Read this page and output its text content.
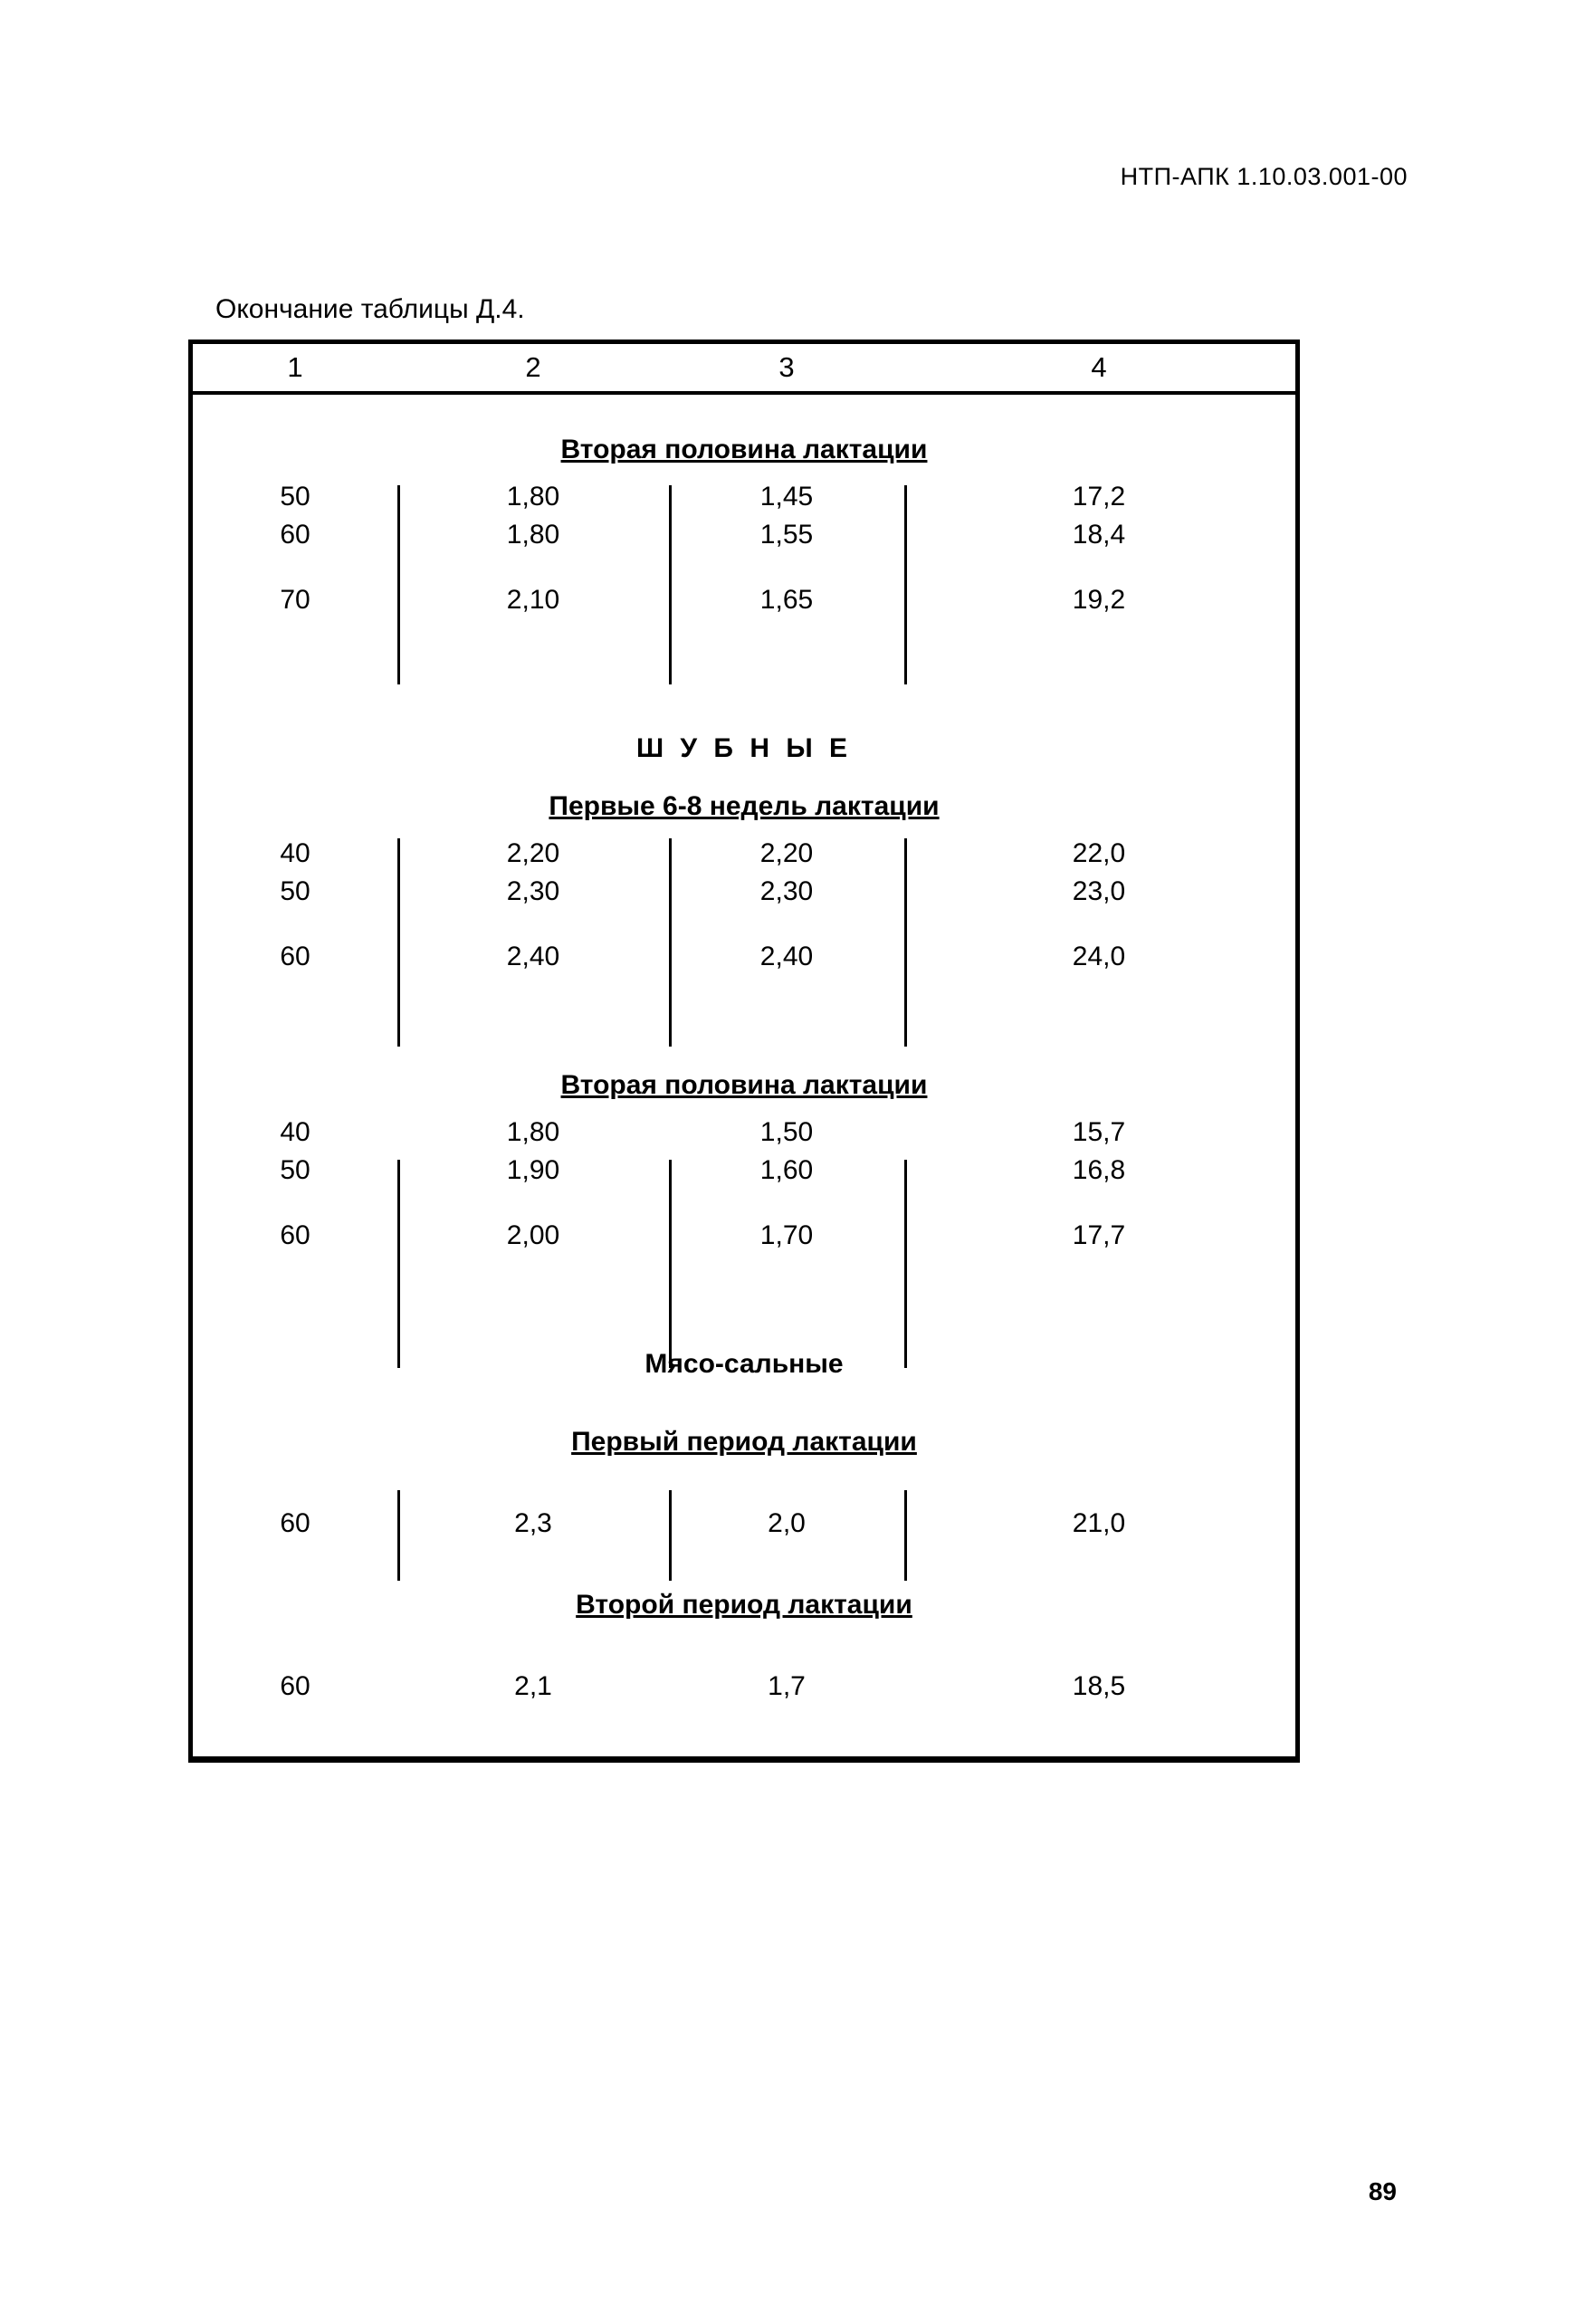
НТП-АПК 1.10.03.001-00
Окончание таблицы Д.4.
1	2	3	4
Вторая половина лактации
50	1,80	1,45	17,2
60	1,80	1,55	18,4
70	2,10	1,65	19,2
Ш У Б Н Ы Е
Первые 6-8 недель лактации
40	2,20	2,20	22,0
50	2,30	2,30	23,0
60	2,40	2,40	24,0
Вторая половина лактации
40	1,80	1,50	15,7
50	1,90	1,60	16,8
60	2,00	1,70	17,7
Мясо-сальные
Первый период лактации
60	2,3	2,0	21,0
Второй период лактации
60	2,1	1,7	18,5
89
